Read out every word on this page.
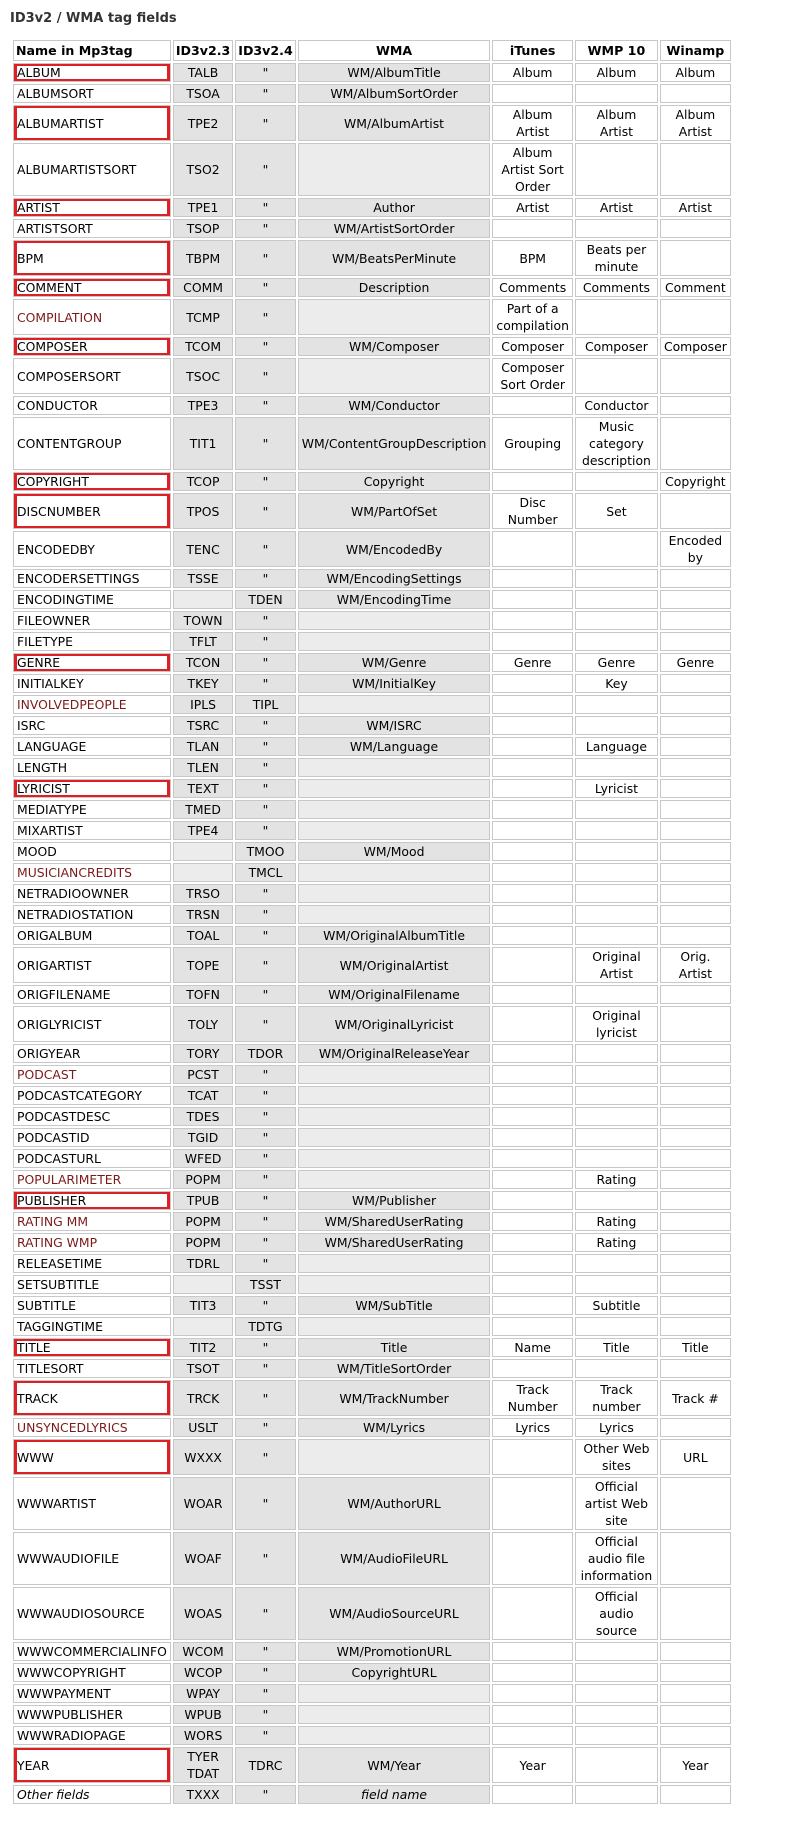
ID3v2 / WMA tag fields
Name in Mp3tag	ID3v2.3	ID3v2.4	WMA	iTunes	WMP 10	Winamp
ALBUM	TALB	"	WM/AlbumTitle	Album	Album	Album
ALBUMSORT	TSOA	"	WM/AlbumSortOrder			
ALBUMARTIST	TPE2	"	WM/AlbumArtist	Album Artist	Album Artist	Album Artist
ALBUMARTISTSORT	TSO2	"		Album Artist Sort Order		
ARTIST	TPE1	"	Author	Artist	Artist	Artist
ARTISTSORT	TSOP	"	WM/ArtistSortOrder			
BPM	TBPM	"	WM/BeatsPerMinute	BPM	Beats per minute	
COMMENT	COMM	"	Description	Comments	Comments	Comment
COMPILATION	TCMP	"		Part of a compilation		
COMPOSER	TCOM	"	WM/Composer	Composer	Composer	Composer
COMPOSERSORT	TSOC	"		Composer Sort Order		
CONDUCTOR	TPE3	"	WM/Conductor		Conductor	
CONTENTGROUP	TIT1	"	WM/ContentGroupDescription	Grouping	Music category description	
COPYRIGHT	TCOP	"	Copyright			Copyright
DISCNUMBER	TPOS	"	WM/PartOfSet	Disc Number	Set	
ENCODEDBY	TENC	"	WM/EncodedBy			Encoded by
ENCODERSETTINGS	TSSE	"	WM/EncodingSettings			
ENCODINGTIME		TDEN	WM/EncodingTime			
FILEOWNER	TOWN	"				
FILETYPE	TFLT	"				
GENRE	TCON	"	WM/Genre	Genre	Genre	Genre
INITIALKEY	TKEY	"	WM/InitialKey		Key	
INVOLVEDPEOPLE	IPLS	TIPL				
ISRC	TSRC	"	WM/ISRC			
LANGUAGE	TLAN	"	WM/Language		Language	
LENGTH	TLEN	"				
LYRICIST	TEXT	"			Lyricist	
MEDIATYPE	TMED	"				
MIXARTIST	TPE4	"				
MOOD		TMOO	WM/Mood			
MUSICIANCREDITS		TMCL				
NETRADIOOWNER	TRSO	"				
NETRADIOSTATION	TRSN	"				
ORIGALBUM	TOAL	"	WM/OriginalAlbumTitle			
ORIGARTIST	TOPE	"	WM/OriginalArtist		Original Artist	Orig. Artist
ORIGFILENAME	TOFN	"	WM/OriginalFilename			
ORIGLYRICIST	TOLY	"	WM/OriginalLyricist		Original lyricist	
ORIGYEAR	TORY	TDOR	WM/OriginalReleaseYear			
PODCAST	PCST	"				
PODCASTCATEGORY	TCAT	"				
PODCASTDESC	TDES	"				
PODCASTID	TGID	"				
PODCASTURL	WFED	"				
POPULARIMETER	POPM	"			Rating	
PUBLISHER	TPUB	"	WM/Publisher			
RATING MM	POPM	"	WM/SharedUserRating		Rating	
RATING WMP	POPM	"	WM/SharedUserRating		Rating	
RELEASETIME	TDRL	"				
SETSUBTITLE		TSST				
SUBTITLE	TIT3	"	WM/SubTitle		Subtitle	
TAGGINGTIME		TDTG				
TITLE	TIT2	"	Title	Name	Title	Title
TITLESORT	TSOT	"	WM/TitleSortOrder			
TRACK	TRCK	"	WM/TrackNumber	Track Number	Track number	Track #
UNSYNCEDLYRICS	USLT	"	WM/Lyrics	Lyrics	Lyrics	
WWW	WXXX	"			Other Web sites	URL
WWWARTIST	WOAR	"	WM/AuthorURL		Official artist Web site	
WWWAUDIOFILE	WOAF	"	WM/AudioFileURL		Official audio file information	
WWWAUDIOSOURCE	WOAS	"	WM/AudioSourceURL		Official audio source	
WWWCOMMERCIALINFO	WCOM	"	WM/PromotionURL			
WWWCOPYRIGHT	WCOP	"	CopyrightURL			
WWWPAYMENT	WPAY	"				
WWWPUBLISHER	WPUB	"				
WWWRADIOPAGE	WORS	"				
YEAR	TYER TDAT	TDRC	WM/Year	Year		Year
Other fields	TXXX	"	field name			
